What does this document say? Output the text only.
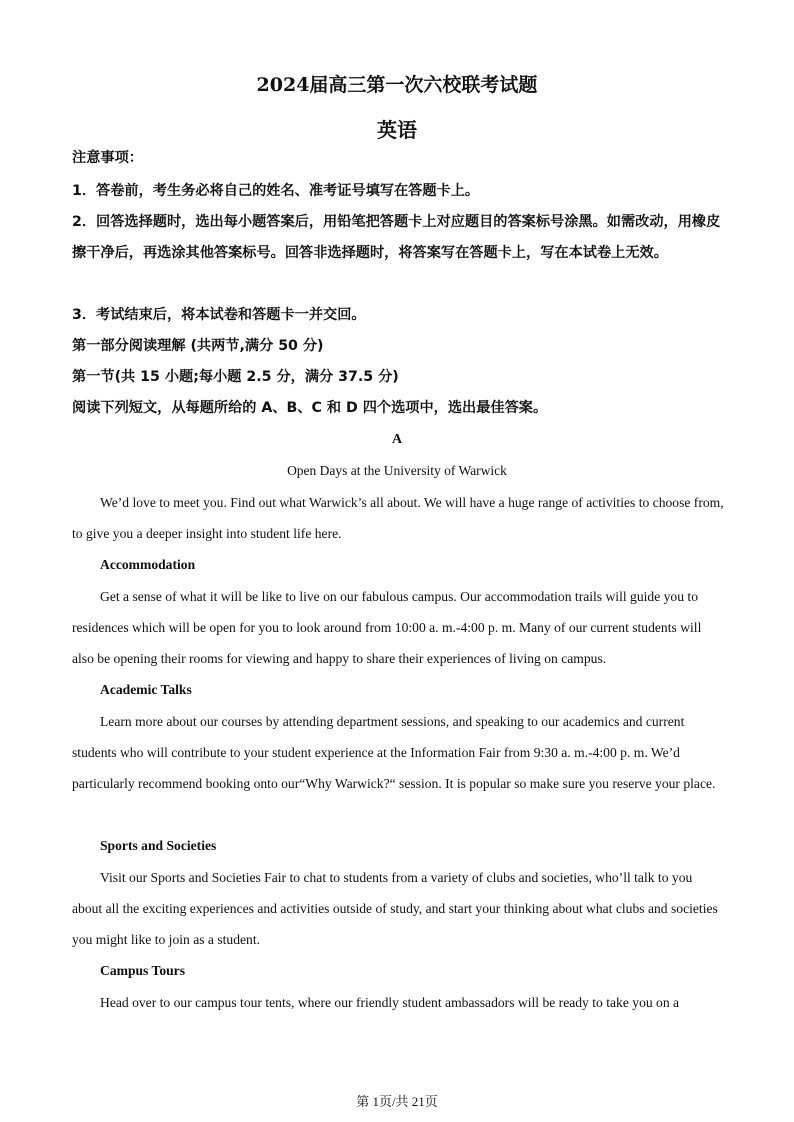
2024届高三第一次六校联考试题
英语
注意事项：
1．答卷前，考生务必将自己的姓名、准考证号填写在答题卡上。
2．回答选择题时，选出每小题答案后，用铅笔把答题卡上对应题目的答案标号涂黑。如需改动，用橡皮擦干净后，再选涂其他答案标号。回答非选择题时，将答案写在答题卡上，写在本试卷上无效。
3．考试结束后，将本试卷和答题卡一并交回。
第一部分阅读理解 (共两节,满分 50 分)
第一节(共 15 小题;每小题 2.5 分，满分 37.5 分)
阅读下列短文，从每题所给的 A、B、C 和 D 四个选项中，选出最佳答案。
A
Open Days at the University of Warwick
We’d love to meet you. Find out what Warwick’s all about. We will have a huge range of activities to choose from, to give you a deeper insight into student life here.
Accommodation
Get a sense of what it will be like to live on our fabulous campus. Our accommodation trails will guide you to residences which will be open for you to look around from 10:00 a. m.-4:00 p. m. Many of our current students will also be opening their rooms for viewing and happy to share their experiences of living on campus.
Academic Talks
Learn more about our courses by attending department sessions, and speaking to our academics and current students who will contribute to your student experience at the Information Fair from 9:30 a. m.-4:00 p. m. We’d particularly recommend booking onto our“Why Warwick?“ session. It is popular so make sure you reserve your place.
Sports and Societies
Visit our Sports and Societies Fair to chat to students from a variety of clubs and societies, who’ll talk to you about all the exciting experiences and activities outside of study, and start your thinking about what clubs and societies you might like to join as a student.
Campus Tours
Head over to our campus tour tents, where our friendly student ambassadors will be ready to take you on a
第 1页/共 21页
